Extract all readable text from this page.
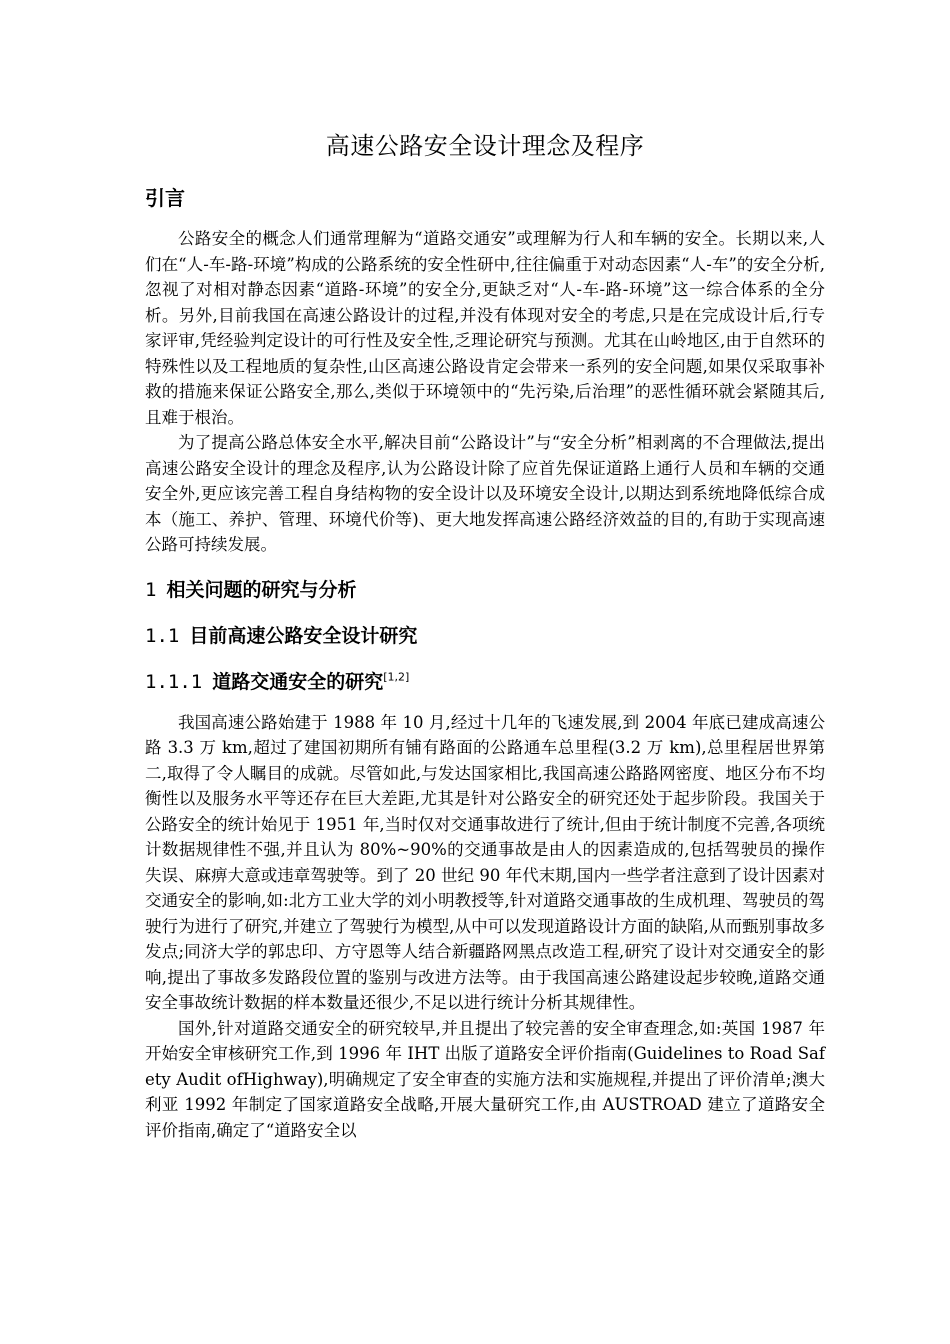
高速公路安全设计理念及程序
引言

公路安全的概念人们通常理解为“道路交通安”或理解为行人和车辆的安全。长期以来,人们在“人-车-路-环境”构成的公路系统的安全性研中,往往偏重于对动态因素“人-车”的安全分析,忽视了对相对静态因素“道路-环境”的安全分,更缺乏对“人-车-路-环境”这一综合体系的全分析。另外,目前我国在高速公路设计的过程,并没有体现对安全的考虑,只是在完成设计后,行专家评审,凭经验判定设计的可行性及安全性,乏理论研究与预测。尤其在山岭地区,由于自然环的特殊性以及工程地质的复杂性,山区高速公路设肯定会带来一系列的安全问题,如果仅采取事补救的措施来保证公路安全,那么,类似于环境领中的“先污染,后治理”的恶性循环就会紧随其后,且难于根治。

为了提高公路总体安全水平,解决目前“公路设计”与“安全分析”相剥离的不合理做法,提出高速公路安全设计的理念及程序,认为公路设计除了应首先保证道路上通行人员和车辆的交通安全外,更应该完善工程自身结构物的安全设计以及环境安全设计,以期达到系统地降低综合成本（施工、养护、管理、环境代价等)、更大地发挥高速公路经济效益的目的,有助于实现高速公路可持续发展。

1 相关问题的研究与分析
1.1 目前高速公路安全设计研究
1.1.1 道路交通安全的研究[1,2]

我国高速公路始建于 1988 年 10 月,经过十几年的飞速发展,到 2004 年底已建成高速公路 3.3 万 km,超过了建国初期所有铺有路面的公路通车总里程(3.2 万 km),总里程居世界第二,取得了令人瞩目的成就。尽管如此,与发达国家相比,我国高速公路路网密度、地区分布不均衡性以及服务水平等还存在巨大差距,尤其是针对公路安全的研究还处于起步阶段。我国关于公路安全的统计始见于 1951 年,当时仅对交通事故进行了统计,但由于统计制度不完善,各项统计数据规律性不强,并且认为 80%~90%的交通事故是由人的因素造成的,包括驾驶员的操作失误、麻痹大意或违章驾驶等。到了 20 世纪 90 年代末期,国内一些学者注意到了设计因素对交通安全的影响,如:北方工业大学的刘小明教授等,针对道路交通事故的生成机理、驾驶员的驾驶行为进行了研究,并建立了驾驶行为模型,从中可以发现道路设计方面的缺陷,从而甄别事故多发点;同济大学的郭忠印、方守恩等人结合新疆路网黑点改造工程,研究了设计对交通安全的影响,提出了事故多发路段位置的鉴别与改进方法等。由于我国高速公路建设起步较晚,道路交通安全事故统计数据的样本数量还很少,不足以进行统计分析其规律性。

国外,针对道路交通安全的研究较早,并且提出了较完善的安全审查理念,如:英国 1987 年开始安全审核研究工作,到 1996 年 IHT 出版了道路安全评价指南(Guidelines to Road Safety Audit ofHighway),明确规定了安全审查的实施方法和实施规程,并提出了评价清单;澳大利亚 1992 年制定了国家道路安全战略,开展大量研究工作,由 AUSTROAD 建立了道路安全评价指南,确定了“道路安全以
